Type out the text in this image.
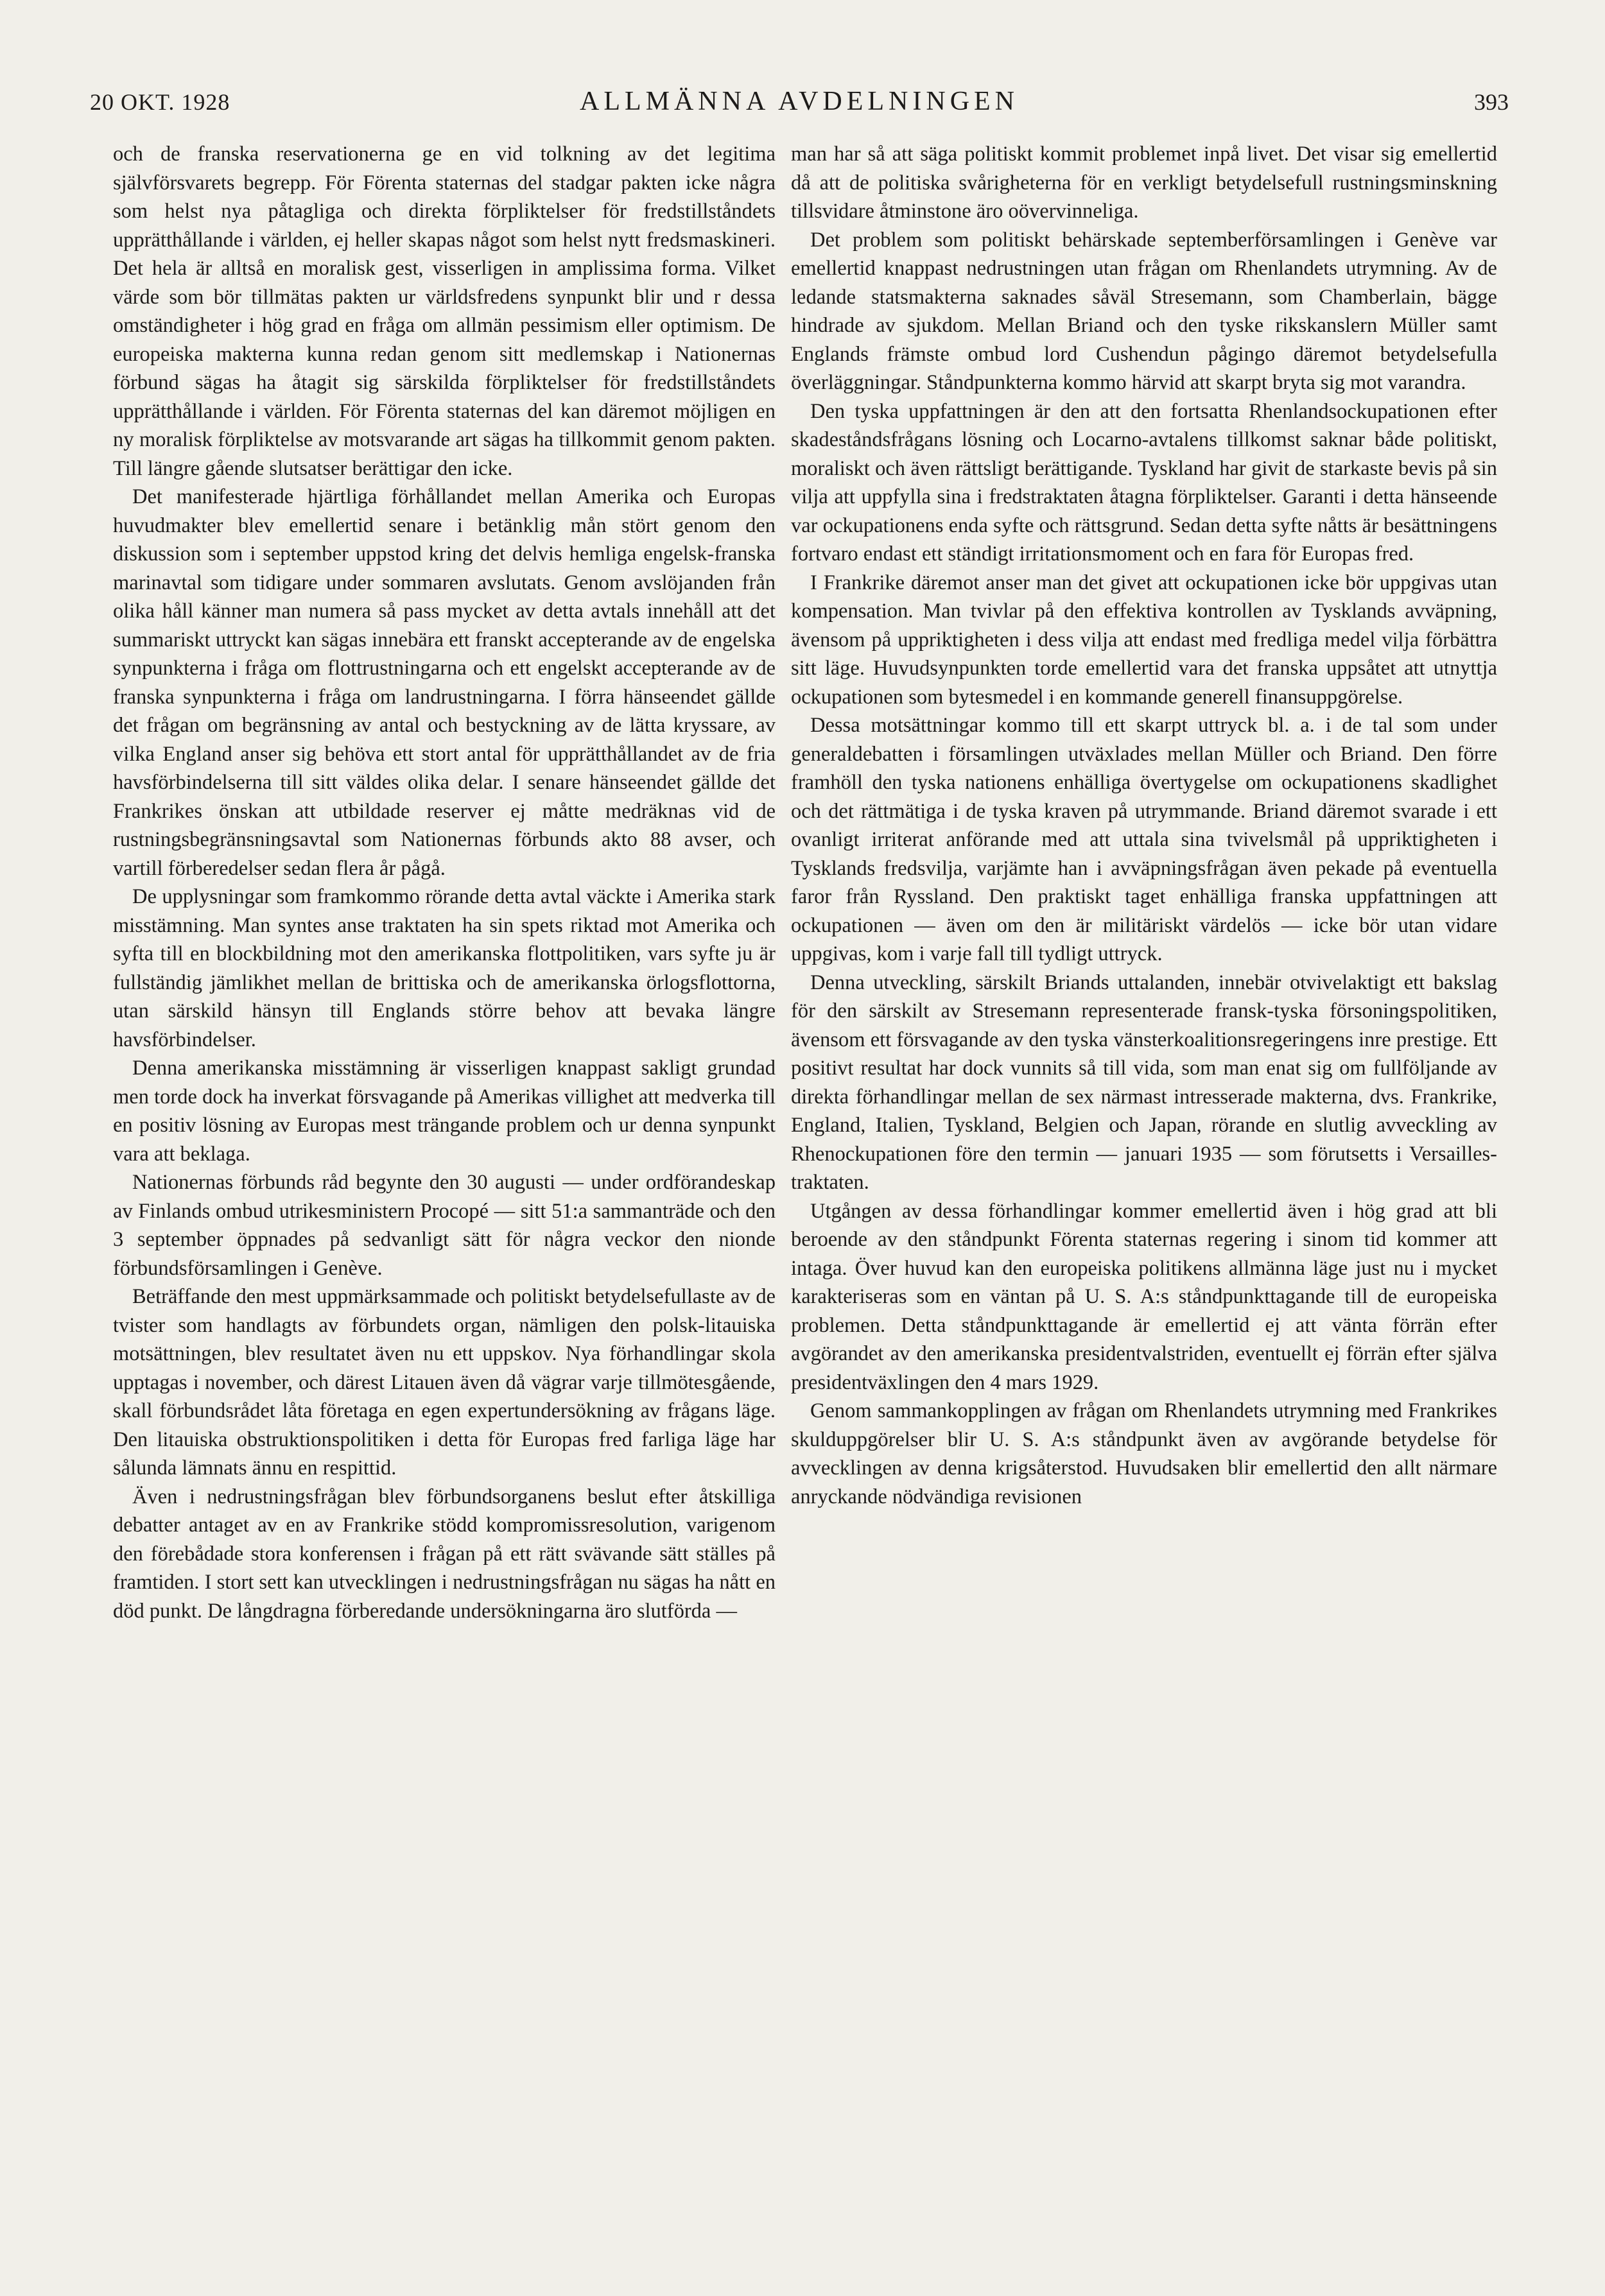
20 OKT. 1928	ALLMÄNNA AVDELNINGEN	393

och de franska reservationerna ge en vid tolkning av det legitima självförsvarets begrepp. För Förenta staternas del stadgar pakten icke några som helst nya påtagliga och direkta förpliktelser för fredstillståndets upprätthållande i världen, ej heller skapas något som helst nytt fredsmaskineri. Det hela är alltså en moralisk gest, visserligen in amplissima forma. Vilket värde som bör tillmätas pakten ur världsfredens synpunkt blir und r dessa omständigheter i hög grad en fråga om allmän pessimism eller optimism. De europeiska makterna kunna redan genom sitt medlemskap i Nationernas förbund sägas ha åtagit sig särskilda förpliktelser för fredstillståndets upprätthållande i världen. För Förenta staternas del kan däremot möjligen en ny moralisk förpliktelse av motsvarande art sägas ha tillkommit genom pakten. Till längre gående slutsatser berättigar den icke.

Det manifesterade hjärtliga förhållandet mellan Amerika och Europas huvudmakter blev emellertid senare i betänklig mån stört genom den diskussion som i september uppstod kring det delvis hemliga engelsk-franska marinavtal som tidigare under sommaren avslutats. Genom avslöjanden från olika håll känner man numera så pass mycket av detta avtals innehåll att det summariskt uttryckt kan sägas innebära ett franskt accepterande av de engelska synpunkterna i fråga om flottrustningarna och ett engelskt accepterande av de franska synpunkterna i fråga om landrustningarna. I förra hänseendet gällde det frågan om begränsning av antal och bestyckning av de lätta kryssare, av vilka England anser sig behöva ett stort antal för upprätthållandet av de fria havsförbindelserna till sitt väldes olika delar. I senare hänseendet gällde det Frankrikes önskan att utbildade reserver ej måtte medräknas vid de rustningsbegränsningsavtal som Nationernas förbunds akto 88 avser, och vartill förberedelser sedan flera år pågå.

De upplysningar som framkommo rörande detta avtal väckte i Amerika stark misstämning. Man syntes anse traktaten ha sin spets riktad mot Amerika och syfta till en blockbildning mot den amerikanska flottpolitiken, vars syfte ju är fullständig jämlikhet mellan de brittiska och de amerikanska örlogsflottorna, utan särskild hänsyn till Englands större behov att bevaka längre havsförbindelser.

Denna amerikanska misstämning är visserligen knappast sakligt grundad men torde dock ha inverkat försvagande på Amerikas villighet att medverka till en positiv lösning av Europas mest trängande problem och ur denna synpunkt vara att beklaga.

Nationernas förbunds råd begynte den 30 augusti — under ordförandeskap av Finlands ombud utrikesministern Procopé — sitt 51:a sammanträde och den 3 september öppnades på sedvanligt sätt för några veckor den nionde förbundsförsamlingen i Genève.

Beträffande den mest uppmärksammade och politiskt betydelsefullaste av de tvister som handlagts av förbundets organ, nämligen den polsk-litauiska motsättningen, blev resultatet även nu ett uppskov. Nya förhandlingar skola upptagas i november, och därest Litauen även då vägrar varje tillmötesgående, skall förbundsrådet låta företaga en egen expertundersökning av frågans läge. Den litauiska obstruktionspolitiken i detta för Europas fred farliga läge har sålunda lämnats ännu en respittid.

Även i nedrustningsfrågan blev förbundsorganens beslut efter åtskilliga debatter antaget av en av Frankrike stödd kompromissresolution, varigenom den förebådade stora konferensen i frågan på ett rätt svävande sätt ställes på framtiden. I stort sett kan utvecklingen i nedrustningsfrågan nu sägas ha nått en död punkt. De långdragna förberedande undersökningarna äro slutförda —

man har så att säga politiskt kommit problemet inpå livet. Det visar sig emellertid då att de politiska svårigheterna för en verkligt betydelsefull rustningsminskning tillsvidare åtminstone äro oövervinneliga.

Det problem som politiskt behärskade septemberförsamlingen i Genève var emellertid knappast nedrustningen utan frågan om Rhenlandets utrymning. Av de ledande statsmakterna saknades såväl Stresemann, som Chamberlain, bägge hindrade av sjukdom. Mellan Briand och den tyske rikskanslern Müller samt Englands främste ombud lord Cushendun pågingo däremot betydelsefulla överläggningar. Ståndpunkterna kommo härvid att skarpt bryta sig mot varandra.

Den tyska uppfattningen är den att den fortsatta Rhenlandsockupationen efter skadeståndsfrågans lösning och Locarno-avtalens tillkomst saknar både politiskt, moraliskt och även rättsligt berättigande. Tyskland har givit de starkaste bevis på sin vilja att uppfylla sina i fredstraktaten åtagna förpliktelser. Garanti i detta hänseende var ockupationens enda syfte och rättsgrund. Sedan detta syfte nåtts är besättningens fortvaro endast ett ständigt irritationsmoment och en fara för Europas fred.

I Frankrike däremot anser man det givet att ockupationen icke bör uppgivas utan kompensation. Man tvivlar på den effektiva kontrollen av Tysklands avväpning, ävensom på uppriktigheten i dess vilja att endast med fredliga medel vilja förbättra sitt läge. Huvudsynpunkten torde emellertid vara det franska uppsåtet att utnyttja ockupationen som bytesmedel i en kommande generell finansuppgörelse.

Dessa motsättningar kommo till ett skarpt uttryck bl. a. i de tal som under generaldebatten i församlingen utväxlades mellan Müller och Briand. Den förre framhöll den tyska nationens enhälliga övertygelse om ockupationens skadlighet och det rättmätiga i de tyska kraven på utrymmande. Briand däremot svarade i ett ovanligt irriterat anförande med att uttala sina tvivelsmål på uppriktigheten i Tysklands fredsvilja, varjämte han i avväpningsfrågan även pekade på eventuella faror från Ryssland. Den praktiskt taget enhälliga franska uppfattningen att ockupationen — även om den är militäriskt värdelös — icke bör utan vidare uppgivas, kom i varje fall till tydligt uttryck.

Denna utveckling, särskilt Briands uttalanden, innebär otvivelaktigt ett bakslag för den särskilt av Stresemann representerade fransk-tyska försoningspolitiken, ävensom ett försvagande av den tyska vänsterkoalitionsregeringens inre prestige. Ett positivt resultat har dock vunnits så till vida, som man enat sig om fullföljande av direkta förhandlingar mellan de sex närmast intresserade makterna, dvs. Frankrike, England, Italien, Tyskland, Belgien och Japan, rörande en slutlig avveckling av Rhenockupationen före den termin — januari 1935 — som förutsetts i Versailles-traktaten.

Utgången av dessa förhandlingar kommer emellertid även i hög grad att bli beroende av den ståndpunkt Förenta staternas regering i sinom tid kommer att intaga. Över huvud kan den europeiska politikens allmänna läge just nu i mycket karakteriseras som en väntan på U. S. A:s ståndpunkttagande till de europeiska problemen. Detta ståndpunkttagande är emellertid ej att vänta förrän efter avgörandet av den amerikanska presidentvalstriden, eventuellt ej förrän efter själva presidentväxlingen den 4 mars 1929.

Genom sammankopplingen av frågan om Rhenlandets utrymning med Frankrikes skulduppgörelser blir U. S. A:s ståndpunkt även av avgörande betydelse för avvecklingen av denna krigsåterstod. Huvudsaken blir emellertid den allt närmare anryckande nödvändiga revisionen
